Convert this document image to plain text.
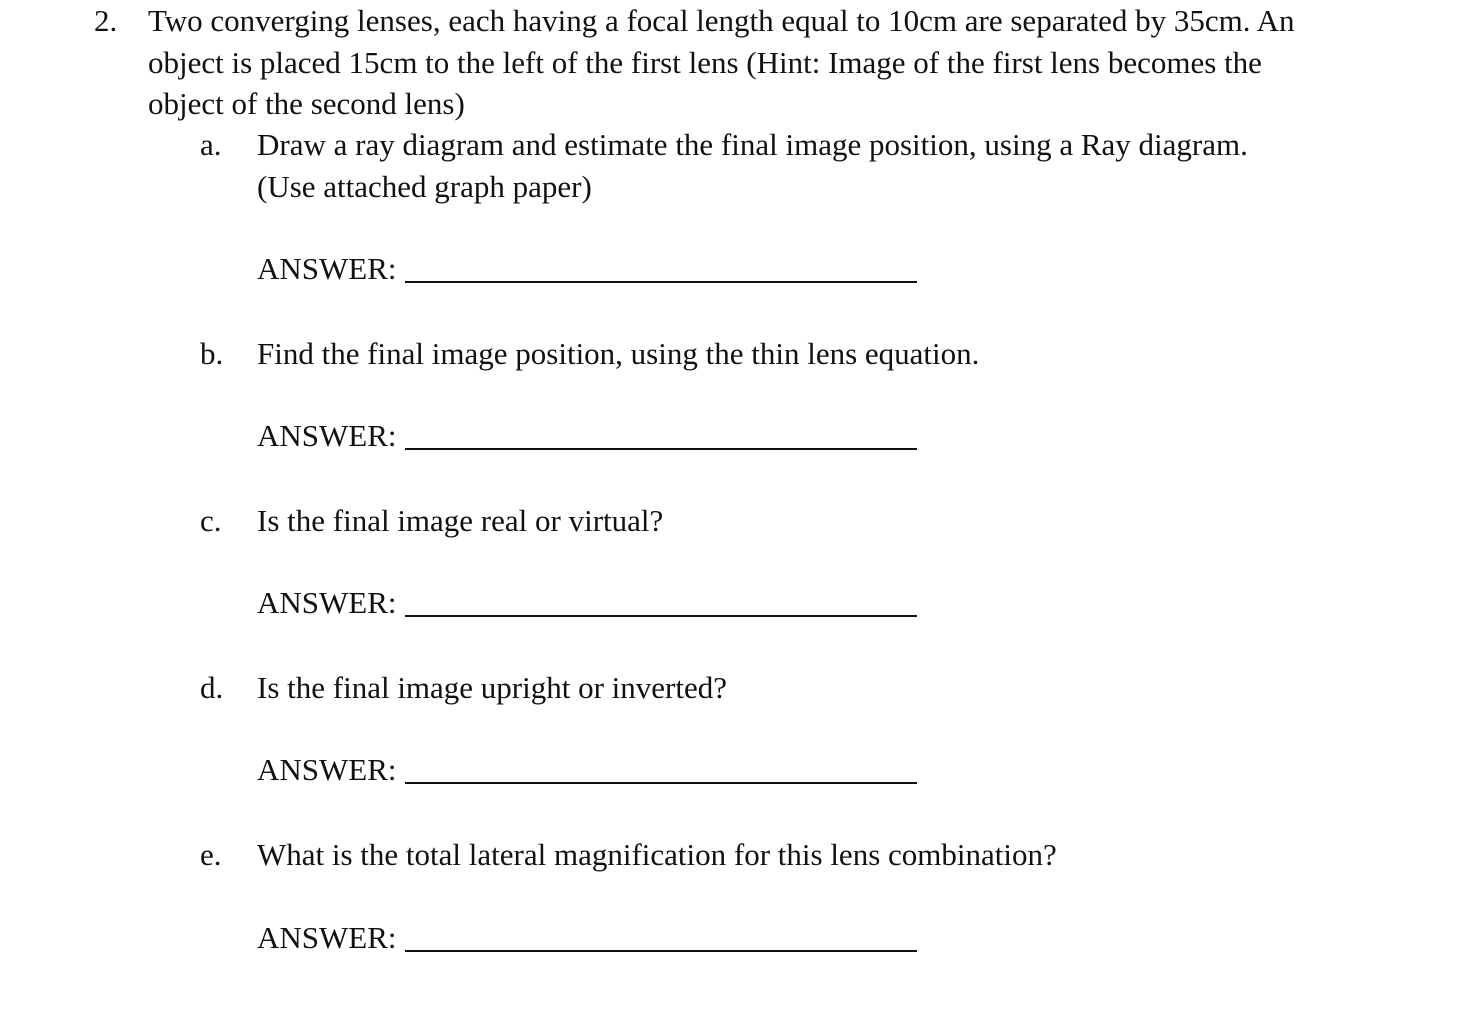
2. Two converging lenses, each having a focal length equal to 10cm are separated by 35cm. An
object is placed 15cm to the left of the first lens (Hint: Image of the first lens becomes the
object of the second lens)
a. Draw a ray diagram and estimate the final image position, using a Ray diagram.
(Use attached graph paper)
ANSWER:
b. Find the final image position, using the thin lens equation.
ANSWER:
c. Is the final image real or virtual?
ANSWER:
d. Is the final image upright or inverted?
ANSWER:
e. What is the total lateral magnification for this lens combination?
ANSWER:
